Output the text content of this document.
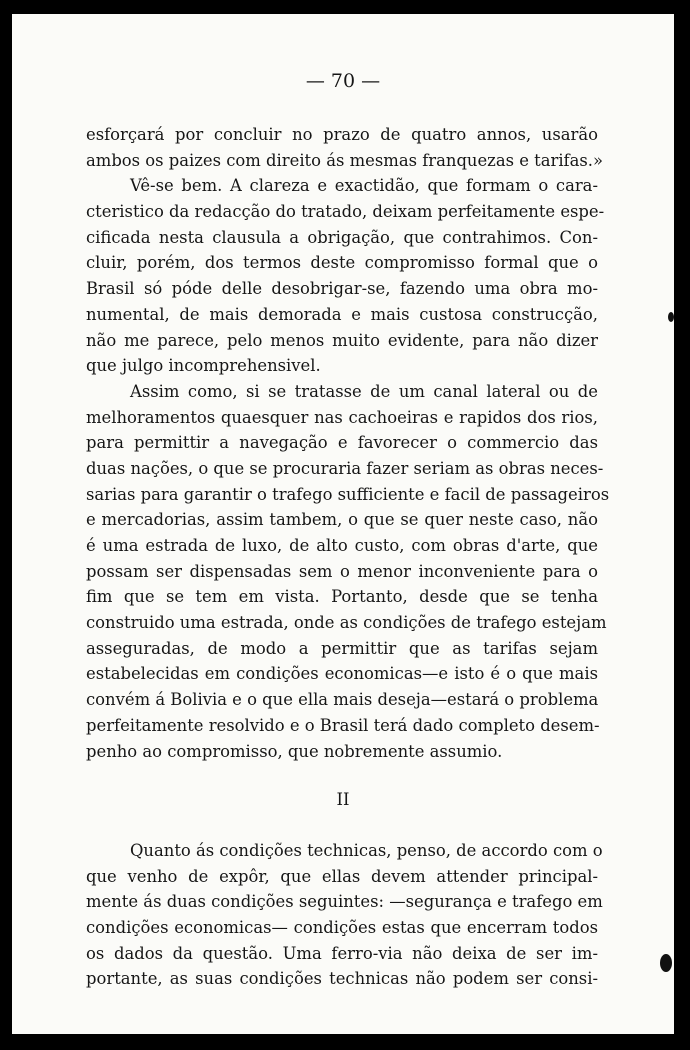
— 70 —
esforçará por concluir no prazo de quatro annos, usarão
ambos os paizes com direito ás mesmas franquezas e tarifas.»
Vê-se bem. A clareza e exactidão, que formam o cara-
cteristico da redacção do tratado, deixam perfeitamente espe-
cificada nesta clausula a obrigação, que contrahimos. Con-
cluir, porém, dos termos deste compromisso formal que o
Brasil só póde delle desobrigar-se, fazendo uma obra mo-
numental, de mais demorada e mais custosa construcção,
não me parece, pelo menos muito evidente, para não dizer
que julgo incomprehensivel.
Assim como, si se tratasse de um canal lateral ou de
melhoramentos quaesquer nas cachoeiras e rapidos dos rios,
para permittir a navegação e favorecer o commercio das
duas nações, o que se procuraria fazer seriam as obras neces-
sarias para garantir o trafego sufficiente e facil de passageiros
e mercadorias, assim tambem, o que se quer neste caso, não
é uma estrada de luxo, de alto custo, com obras d'arte, que
possam ser dispensadas sem o menor inconveniente para o
fim que se tem em vista. Portanto, desde que se tenha
construido uma estrada, onde as condições de trafego estejam
asseguradas, de modo a permittir que as tarifas sejam
estabelecidas em condições economicas—e isto é o que mais
convém á Bolivia e o que ella mais deseja—estará o problema
perfeitamente resolvido e o Brasil terá dado completo desem-
penho ao compromisso, que nobremente assumio.
II
Quanto ás condições technicas, penso, de accordo com o
que venho de expôr, que ellas devem attender principal-
mente ás duas condições seguintes: —segurança e trafego em
condições economicas— condições estas que encerram todos
os dados da questão. Uma ferro-via não deixa de ser im-
portante, as suas condições technicas não podem ser consi-
